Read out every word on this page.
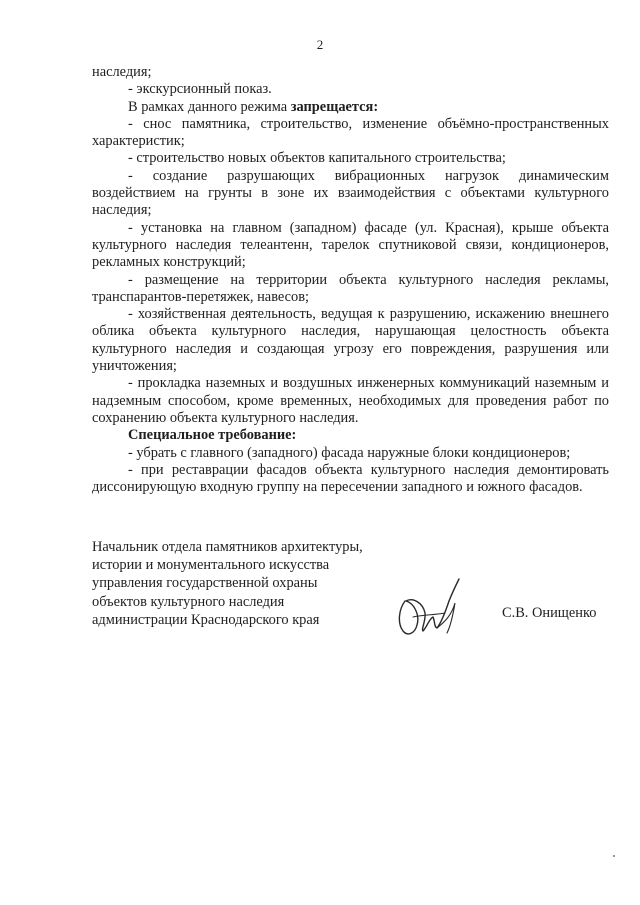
2

наследия;

- экскурсионный показ.

В рамках данного режима запрещается:

- снос памятника, строительство, изменение объёмно-пространственных характеристик;

- строительство новых объектов капитального строительства;

- создание разрушающих вибрационных нагрузок динамическим воздействием на грунты в зоне их взаимодействия с объектами культурного наследия;

- установка на главном (западном) фасаде (ул. Красная), крыше объекта культурного наследия телеантенн, тарелок спутниковой связи, кондиционеров, рекламных конструкций;

- размещение на территории объекта культурного наследия рекламы, транспарантов-перетяжек, навесов;

- хозяйственная деятельность, ведущая к разрушению, искажению внешнего облика объекта культурного наследия, нарушающая целостность объекта культурного наследия и создающая угрозу его повреждения, разрушения или уничтожения;

- прокладка наземных и воздушных инженерных коммуникаций наземным и надземным способом, кроме временных, необходимых для проведения работ по сохранению объекта культурного наследия.

Специальное требование:

- убрать с главного (западного) фасада наружные блоки кондиционеров;

- при реставрации фасадов объекта культурного наследия демонтировать диссонирующую входную группу на пересечении западного и южного фасадов.

Начальник отдела памятников архитектуры,
истории и монументального искусства
управления государственной охраны
объектов культурного наследия
администрации Краснодарского края	С.В. Онищенко
